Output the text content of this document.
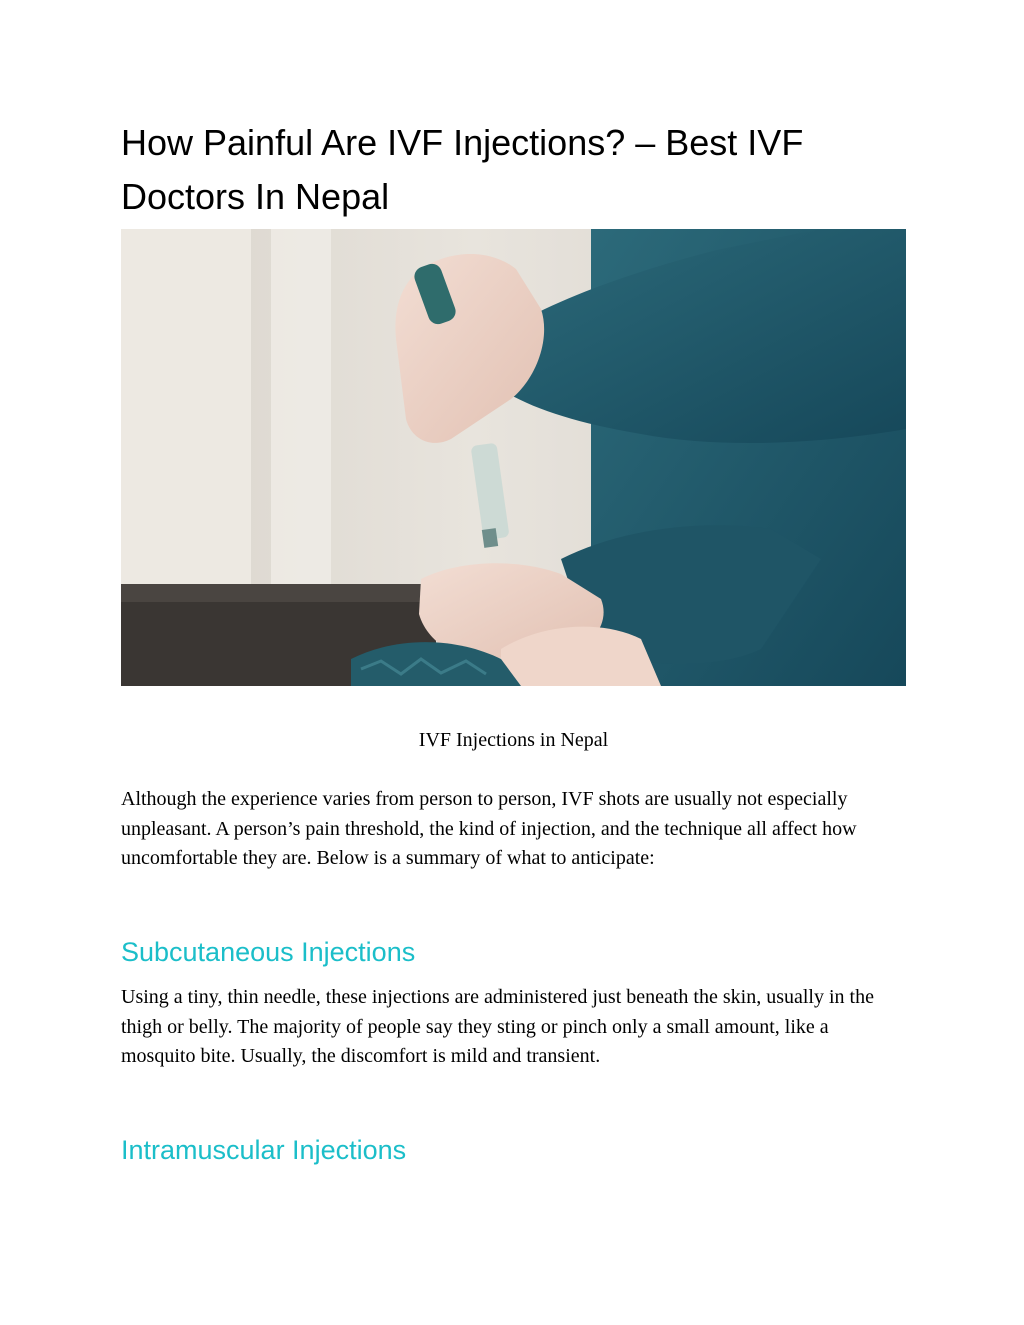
How Painful Are IVF Injections? – Best IVF Doctors In Nepal
IVF Injections in Nepal

Although the experience varies from person to person, IVF shots are usually not especially unpleasant. A person’s pain threshold, the kind of injection, and the technique all affect how uncomfortable they are. Below is a summary of what to anticipate:

Subcutaneous Injections

Using a tiny, thin needle, these injections are administered just beneath the skin, usually in the thigh or belly. The majority of people say they sting or pinch only a small amount, like a mosquito bite. Usually, the discomfort is mild and transient.

Intramuscular Injections
